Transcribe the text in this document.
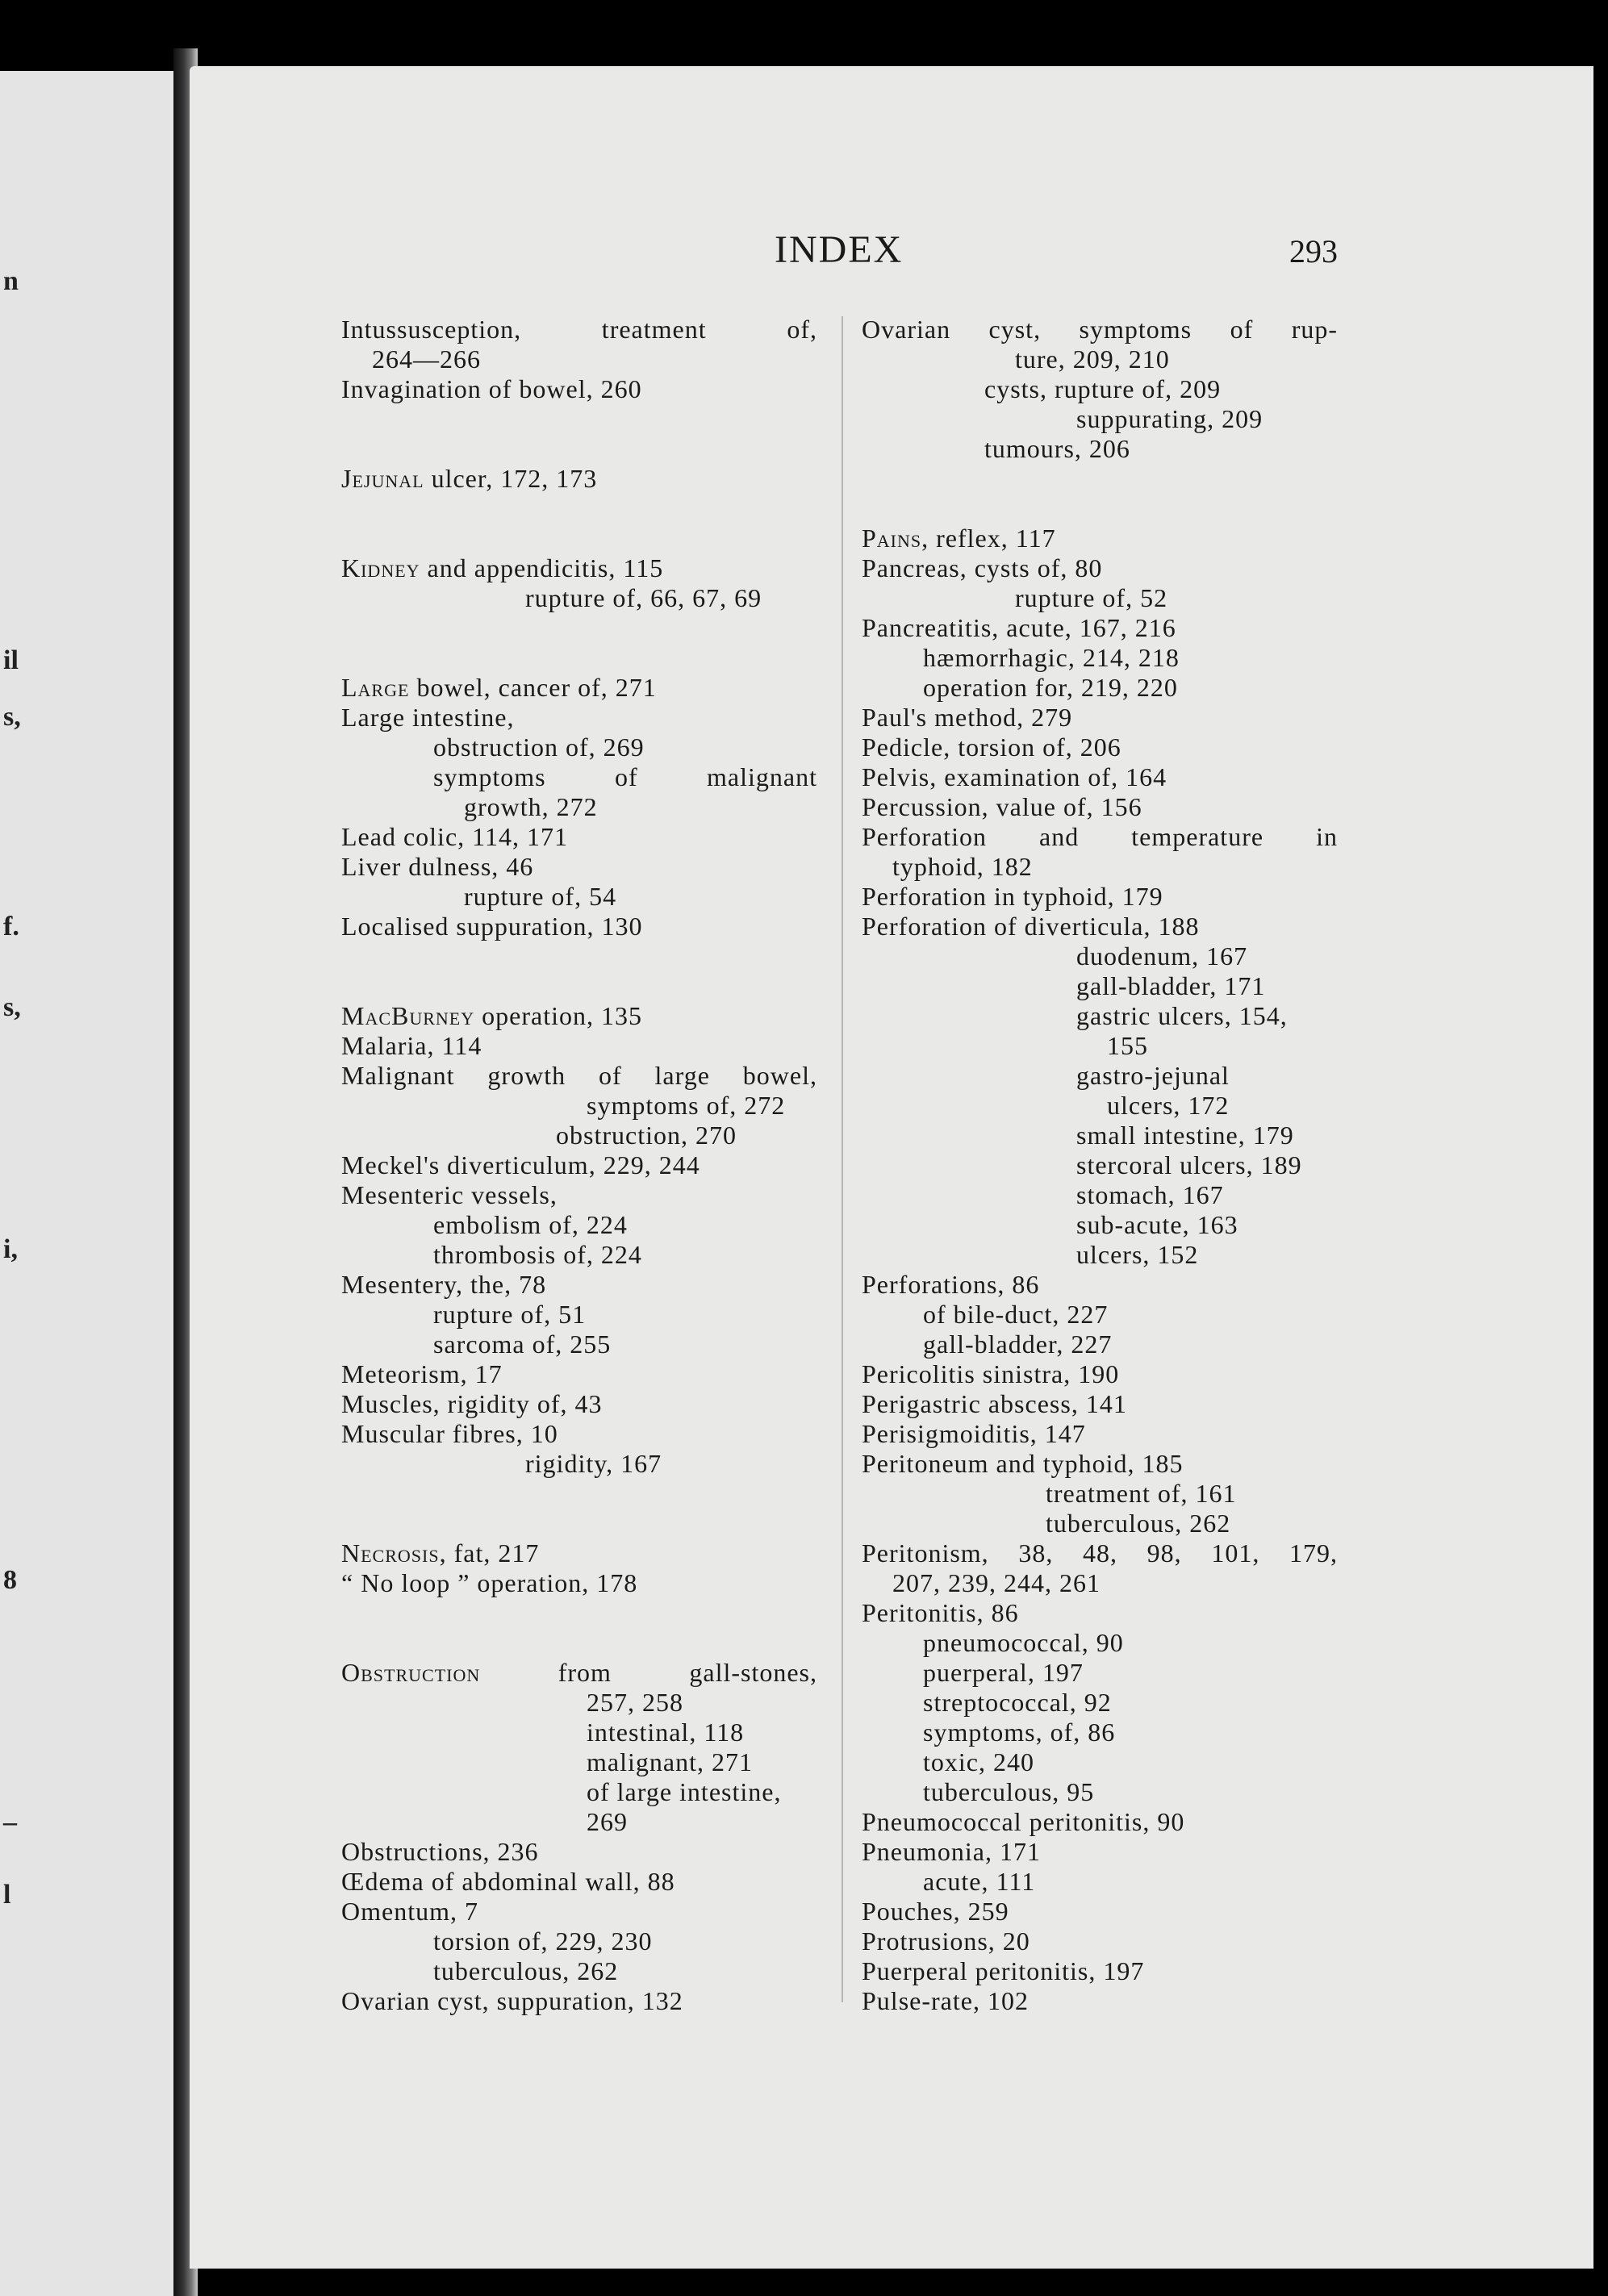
n
il
s,
f.
s,
i,
8
–
l
INDEX	293
Intussusception, treatment of,
264—266
Invagination of bowel, 260
Jejunal ulcer, 172, 173
Kidney and appendicitis, 115
rupture of, 66, 67, 69
Large bowel, cancer of, 271
Large intestine,
obstruction of, 269
symptoms of malignant
growth, 272
Lead colic, 114, 171
Liver dulness, 46
rupture of, 54
Localised suppuration, 130
MacBurney operation, 135
Malaria, 114
Malignant growth of large bowel,
symptoms of, 272
obstruction, 270
Meckel's diverticulum, 229, 244
Mesenteric vessels,
embolism of, 224
thrombosis of, 224
Mesentery, the, 78
rupture of, 51
sarcoma of, 255
Meteorism, 17
Muscles, rigidity of, 43
Muscular fibres, 10
rigidity, 167
Necrosis, fat, 217
“ No loop ” operation, 178
Obstruction from gall-stones,
257, 258
intestinal, 118
malignant, 271
of large intestine,
269
Obstructions, 236
Œdema of abdominal wall, 88
Omentum, 7
torsion of, 229, 230
tuberculous, 262
Ovarian cyst, suppuration, 132
Ovarian cyst, symptoms of rup-
ture, 209, 210
cysts, rupture of, 209
suppurating, 209
tumours, 206
Pains, reflex, 117
Pancreas, cysts of, 80
rupture of, 52
Pancreatitis, acute, 167, 216
hæmorrhagic, 214, 218
operation for, 219, 220
Paul's method, 279
Pedicle, torsion of, 206
Pelvis, examination of, 164
Percussion, value of, 156
Perforation and temperature in
typhoid, 182
Perforation in typhoid, 179
Perforation of diverticula, 188
duodenum, 167
gall-bladder, 171
gastric ulcers, 154,
155
gastro-jejunal
ulcers, 172
small intestine, 179
stercoral ulcers, 189
stomach, 167
sub-acute, 163
ulcers, 152
Perforations, 86
of bile-duct, 227
gall-bladder, 227
Pericolitis sinistra, 190
Perigastric abscess, 141
Perisigmoiditis, 147
Peritoneum and typhoid, 185
treatment of, 161
tuberculous, 262
Peritonism, 38, 48, 98, 101, 179,
207, 239, 244, 261
Peritonitis, 86
pneumococcal, 90
puerperal, 197
streptococcal, 92
symptoms, of, 86
toxic, 240
tuberculous, 95
Pneumococcal peritonitis, 90
Pneumonia, 171
acute, 111
Pouches, 259
Protrusions, 20
Puerperal peritonitis, 197
Pulse-rate, 102
